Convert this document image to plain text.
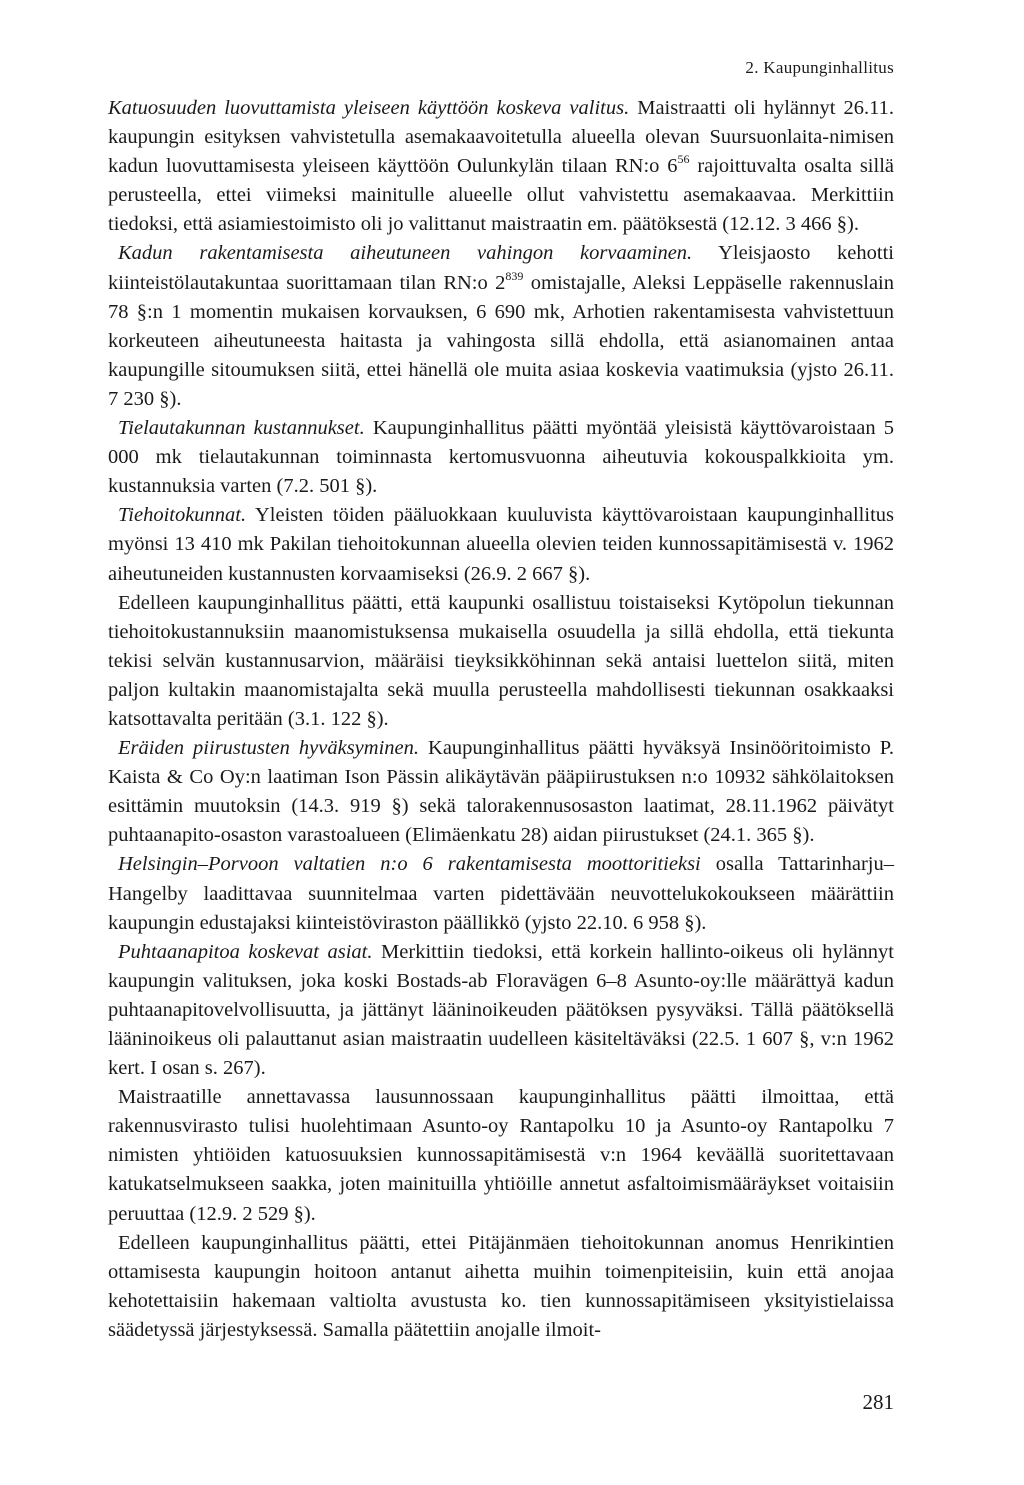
2. Kaupunginhallitus

Katuosuuden luovuttamista yleiseen käyttöön koskeva valitus. Maistraatti oli hylännyt 26.11. kaupungin esityksen vahvistetulla asemakaavoitetulla alueella olevan Suursuonlaita-nimisen kadun luovuttamisesta yleiseen käyttöön Oulunkylän tilaan RN:o $6^{56}$ rajoittuvalta osalta sillä perusteella, ettei viimeksi mainitulle alueelle ollut vahvistettu asemakaavaa. Merkittiin tiedoksi, että asiamiestoimisto oli jo valittanut maistraatin em. päätöksestä (12.12. 3 466 §).

Kadun rakentamisesta aiheutuneen vahingon korvaaminen. Yleisjaosto kehotti kiinteistölautakuntaa suorittamaan tilan RN:o $2^{839}$ omistajalle, Aleksi Leppäselle rakennuslain 78 §:n 1 momentin mukaisen korvauksen, 6 690 mk, Arhotien rakentamisesta vahvistettuun korkeuteen aiheutuneesta haitasta ja vahingosta sillä ehdolla, että asianomainen antaa kaupungille sitoumuksen siitä, ettei hänellä ole muita asiaa koskevia vaatimuksia (yjsto 26.11. 7 230 §).

Tielautakunnan kustannukset. Kaupunginhallitus päätti myöntää yleisistä käyttövaroistaan 5 000 mk tielautakunnan toiminnasta kertomusvuonna aiheutuvia kokouspalkkioita ym. kustannuksia varten (7.2. 501 §).

Tiehoitokunnat. Yleisten töiden pääluokkaan kuuluvista käyttövaroistaan kaupunginhallitus myönsi 13 410 mk Pakilan tiehoitokunnan alueella olevien teiden kunnossapitämisestä v. 1962 aiheutuneiden kustannusten korvaamiseksi (26.9. 2 667 §).

Edelleen kaupunginhallitus päätti, että kaupunki osallistuu toistaiseksi Kytöpolun tiekunnan tiehoitokustannuksiin maanomistuksensa mukaisella osuudella ja sillä ehdolla, että tiekunta tekisi selvän kustannusarvion, määräisi tieyksikköhinnan sekä antaisi luettelon siitä, miten paljon kultakin maanomistajalta sekä muulla perusteella mahdollisesti tiekunnan osakkaaksi katsottavalta peritään (3.1. 122 §).

Eräiden piirustusten hyväksyminen. Kaupunginhallitus päätti hyväksyä Insinööritoimisto P. Kaista & Co Oy:n laatiman Ison Pässin alikäytävän pääpiirustuksen n:o 10932 sähkölaitoksen esittämin muutoksin (14.3. 919 §) sekä talorakennusosaston laatimat, 28.11.1962 päivätyt puhtaanapito-osaston varastoalueen (Elimäenkatu 28) aidan piirustukset (24.1. 365 §).

Helsingin–Porvoon valtatien n:o 6 rakentamisesta moottoritieksi osalla Tattarinharju–Hangelby laadittavaa suunnitelmaa varten pidettävään neuvottelukokoukseen määrättiin kaupungin edustajaksi kiinteistöviraston päällikkö (yjsto 22.10. 6 958 §).

Puhtaanapitoa koskevat asiat. Merkittiin tiedoksi, että korkein hallinto-oikeus oli hylännyt kaupungin valituksen, joka koski Bostads-ab Floravägen 6–8 Asunto-oy:lle määrättyä kadun puhtaanapitovelvollisuutta, ja jättänyt lääninoikeuden päätöksen pysyväksi. Tällä päätöksellä lääninoikeus oli palauttanut asian maistraatin uudelleen käsiteltäväksi (22.5. 1 607 §, v:n 1962 kert. I osan s. 267).

Maistraatille annettavassa lausunnossaan kaupunginhallitus päätti ilmoittaa, että rakennusvirasto tulisi huolehtimaan Asunto-oy Rantapolku 10 ja Asunto-oy Rantapolku 7 nimisten yhtiöiden katuosuuksien kunnossapitämisestä v:n 1964 keväällä suoritettavaan katukatselmukseen saakka, joten mainituilla yhtiöille annetut asfaltoimismääräykset voitaisiin peruuttaa (12.9. 2 529 §).

Edelleen kaupunginhallitus päätti, ettei Pitäjänmäen tiehoitokunnan anomus Henrikintien ottamisesta kaupungin hoitoon antanut aihetta muihin toimenpiteisiin, kuin että anojaa kehotettaisiin hakemaan valtiolta avustusta ko. tien kunnossapitämiseen yksityistielaissa säädetyssä järjestyksessä. Samalla päätettiin anojalle ilmoit-

281
